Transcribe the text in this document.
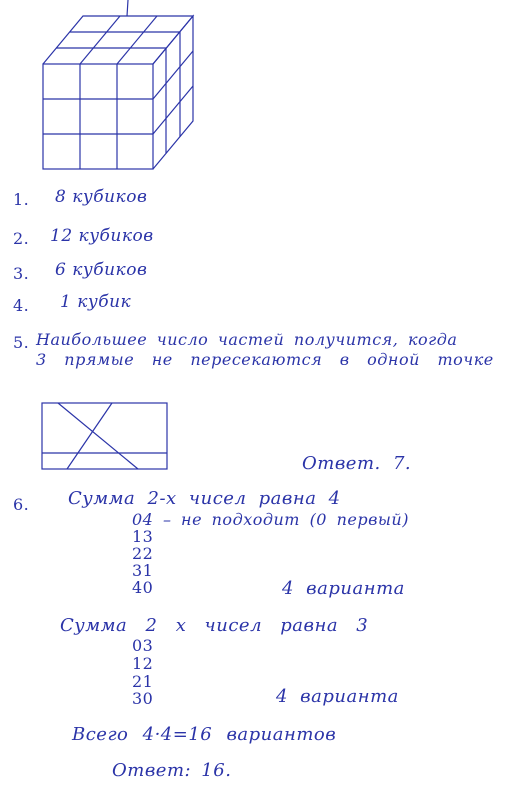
1. 8 кубиков
2. 12 кубиков
3. 6 кубиков
4. 1 кубик
5. Наибольшее число частей получится, когда
3 прямые не пересекаются в одной точке
Ответ. 7.
6. Сумма 2-х чисел равна 4
04 – не подходит (0 первый)
13
22
31
40	4 варианта
Сумма 2 х чисел равна 3
03
12
21
30	4 варианта
Всего 4·4=16 вариантов
Ответ: 16.
